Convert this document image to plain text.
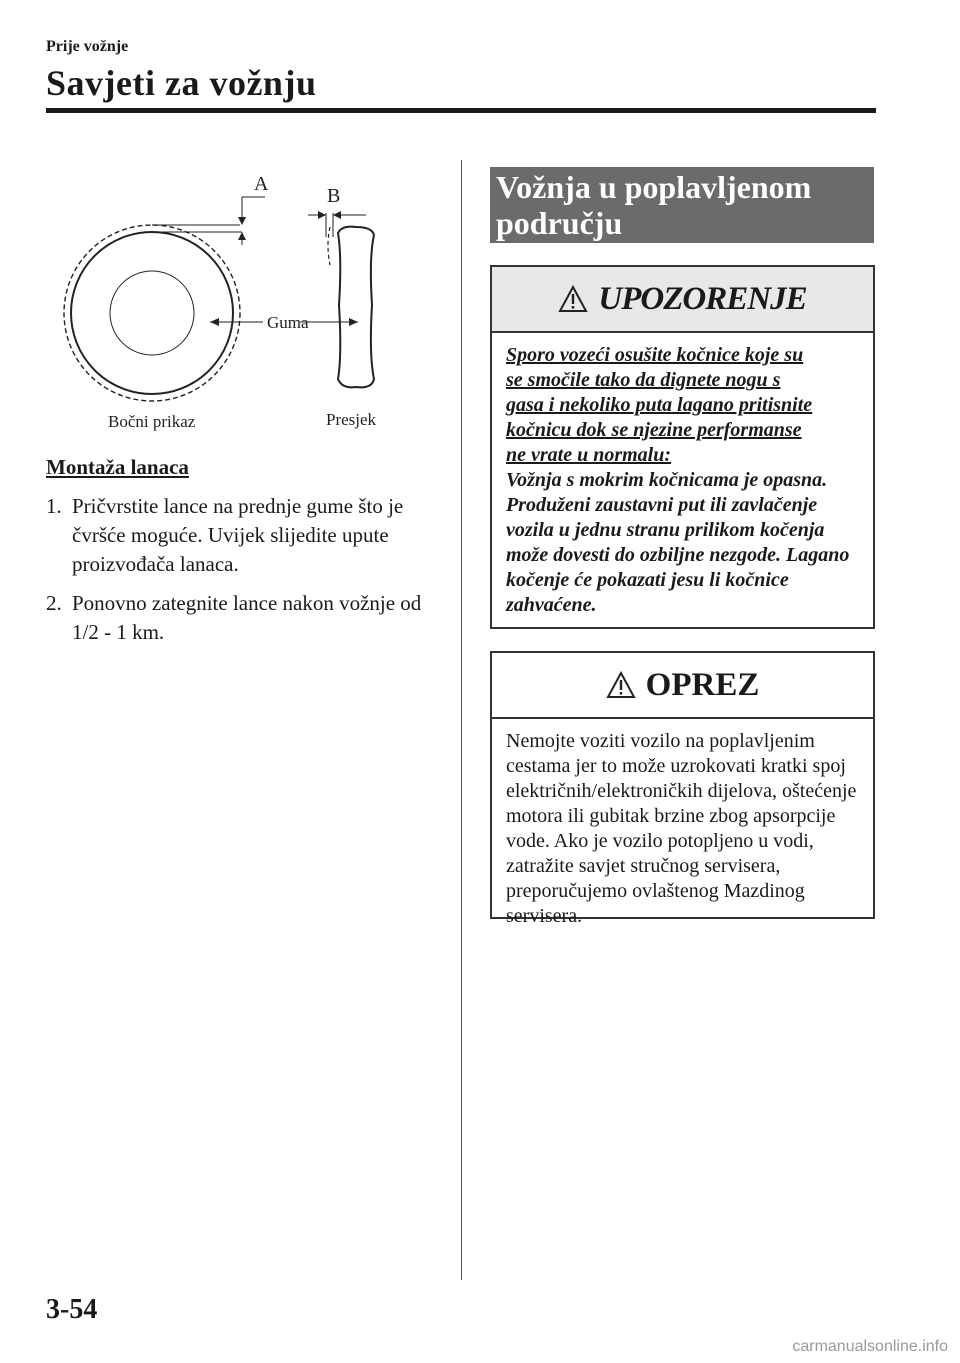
Prije vožnje
Savjeti za vožnju
A
B
Guma
Bočni prikaz	Presjek
Montaža lanaca
1. Pričvrstite lance na prednje gume što je čvršće moguće. Uvijek slijedite upute proizvođača lanaca.
2. Ponovno zategnite lance nakon vožnje od 1/2 - 1 km.
Vožnja u poplavljenom
području
UPOZORENJE
Sporo vozeći osušite kočnice koje su
se smočile tako da dignete nogu s
gasa i nekoliko puta lagano pritisnite
kočnicu dok se njezine performanse
ne vrate u normalu:
Vožnja s mokrim kočnicama je opasna. Produženi zaustavni put ili zavlačenje vozila u jednu stranu prilikom kočenja može dovesti do ozbiljne nezgode. Lagano kočenje će pokazati jesu li kočnice zahvaćene.
OPREZ
Nemojte voziti vozilo na poplavljenim cestama jer to može uzrokovati kratki spoj električnih/elektroničkih dijelova, oštećenje motora ili gubitak brzine zbog apsorpcije vode. Ako je vozilo potopljeno u vodi, zatražite savjet stručnog servisera, preporučujemo ovlaštenog Mazdinog servisera.
3-54
carmanualsonline.info
